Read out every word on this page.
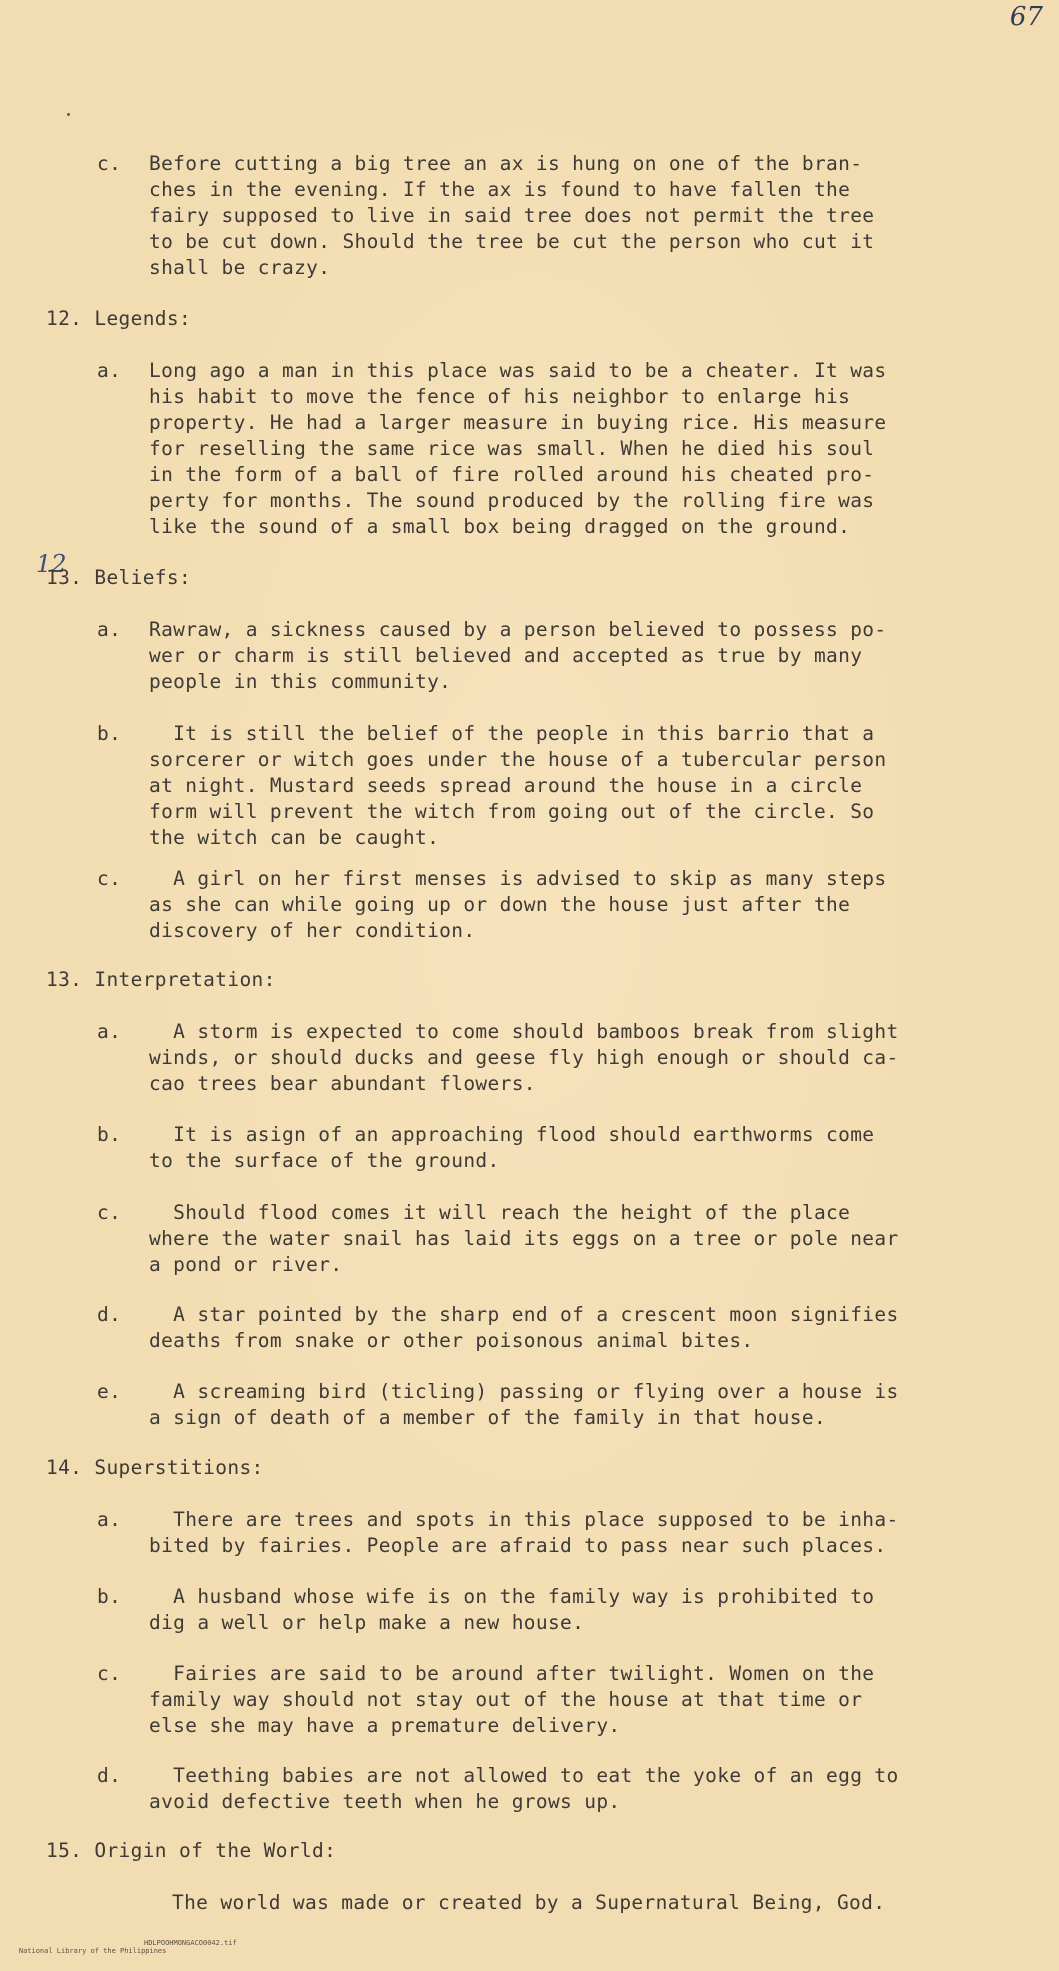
67
12
c. Before cutting a big tree an ax is hung on one of the bran-
ches in the evening. If the ax is found to have fallen the
fairy supposed to live in said tree does not permit the tree
to be cut down. Should the tree be cut the person who cut it
shall be crazy.
12. Legends:
a. Long ago a man in this place was said to be a cheater. It was
his habit to move the fence of his neighbor to enlarge his
property. He had a larger measure in buying rice. His measure
for reselling the same rice was small. When he died his soul
in the form of a ball of fire rolled around his cheated pro-
perty for months. The sound produced by the rolling fire was
like the sound of a small box being dragged on the ground.
13. Beliefs:
a. Rawraw, a sickness caused by a person believed to possess po-
wer or charm is still believed and accepted as true by many
people in this community.
b. It is still the belief of the people in this barrio that a
sorcerer or witch goes under the house of a tubercular person
at night. Mustard seeds spread around the house in a circle
form will prevent the witch from going out of the circle. So
the witch can be caught.
c. A girl on her first menses is advised to skip as many steps
as she can while going up or down the house just after the
discovery of her condition.
13. Interpretation:
a. A storm is expected to come should bamboos break from slight
winds, or should ducks and geese fly high enough or should ca-
cao trees bear abundant flowers.
b. It is asign of an approaching flood should earthworms come
to the surface of the ground.
c. Should flood comes it will reach the height of the place
where the water snail has laid its eggs on a tree or pole near
a pond or river.
d. A star pointed by the sharp end of a crescent moon signifies
deaths from snake or other poisonous animal bites.
e. A screaming bird (ticling) passing or flying over a house is
a sign of death of a member of the family in that house.
14. Superstitions:
a. There are trees and spots in this place supposed to be inha-
bited by fairies. People are afraid to pass near such places.
b. A husband whose wife is on the family way is prohibited to
dig a well or help make a new house.
c. Fairies are said to be around after twilight. Women on the
family way should not stay out of the house at that time or
else she may have a premature delivery.
d. Teething babies are not allowed to eat the yoke of an egg to
avoid defective teeth when he grows up.
15. Origin of the World:
The world was made or created by a Supernatural Being, God.

National Library of the Philippines

HDLPOOHMONGACO0042.tif
